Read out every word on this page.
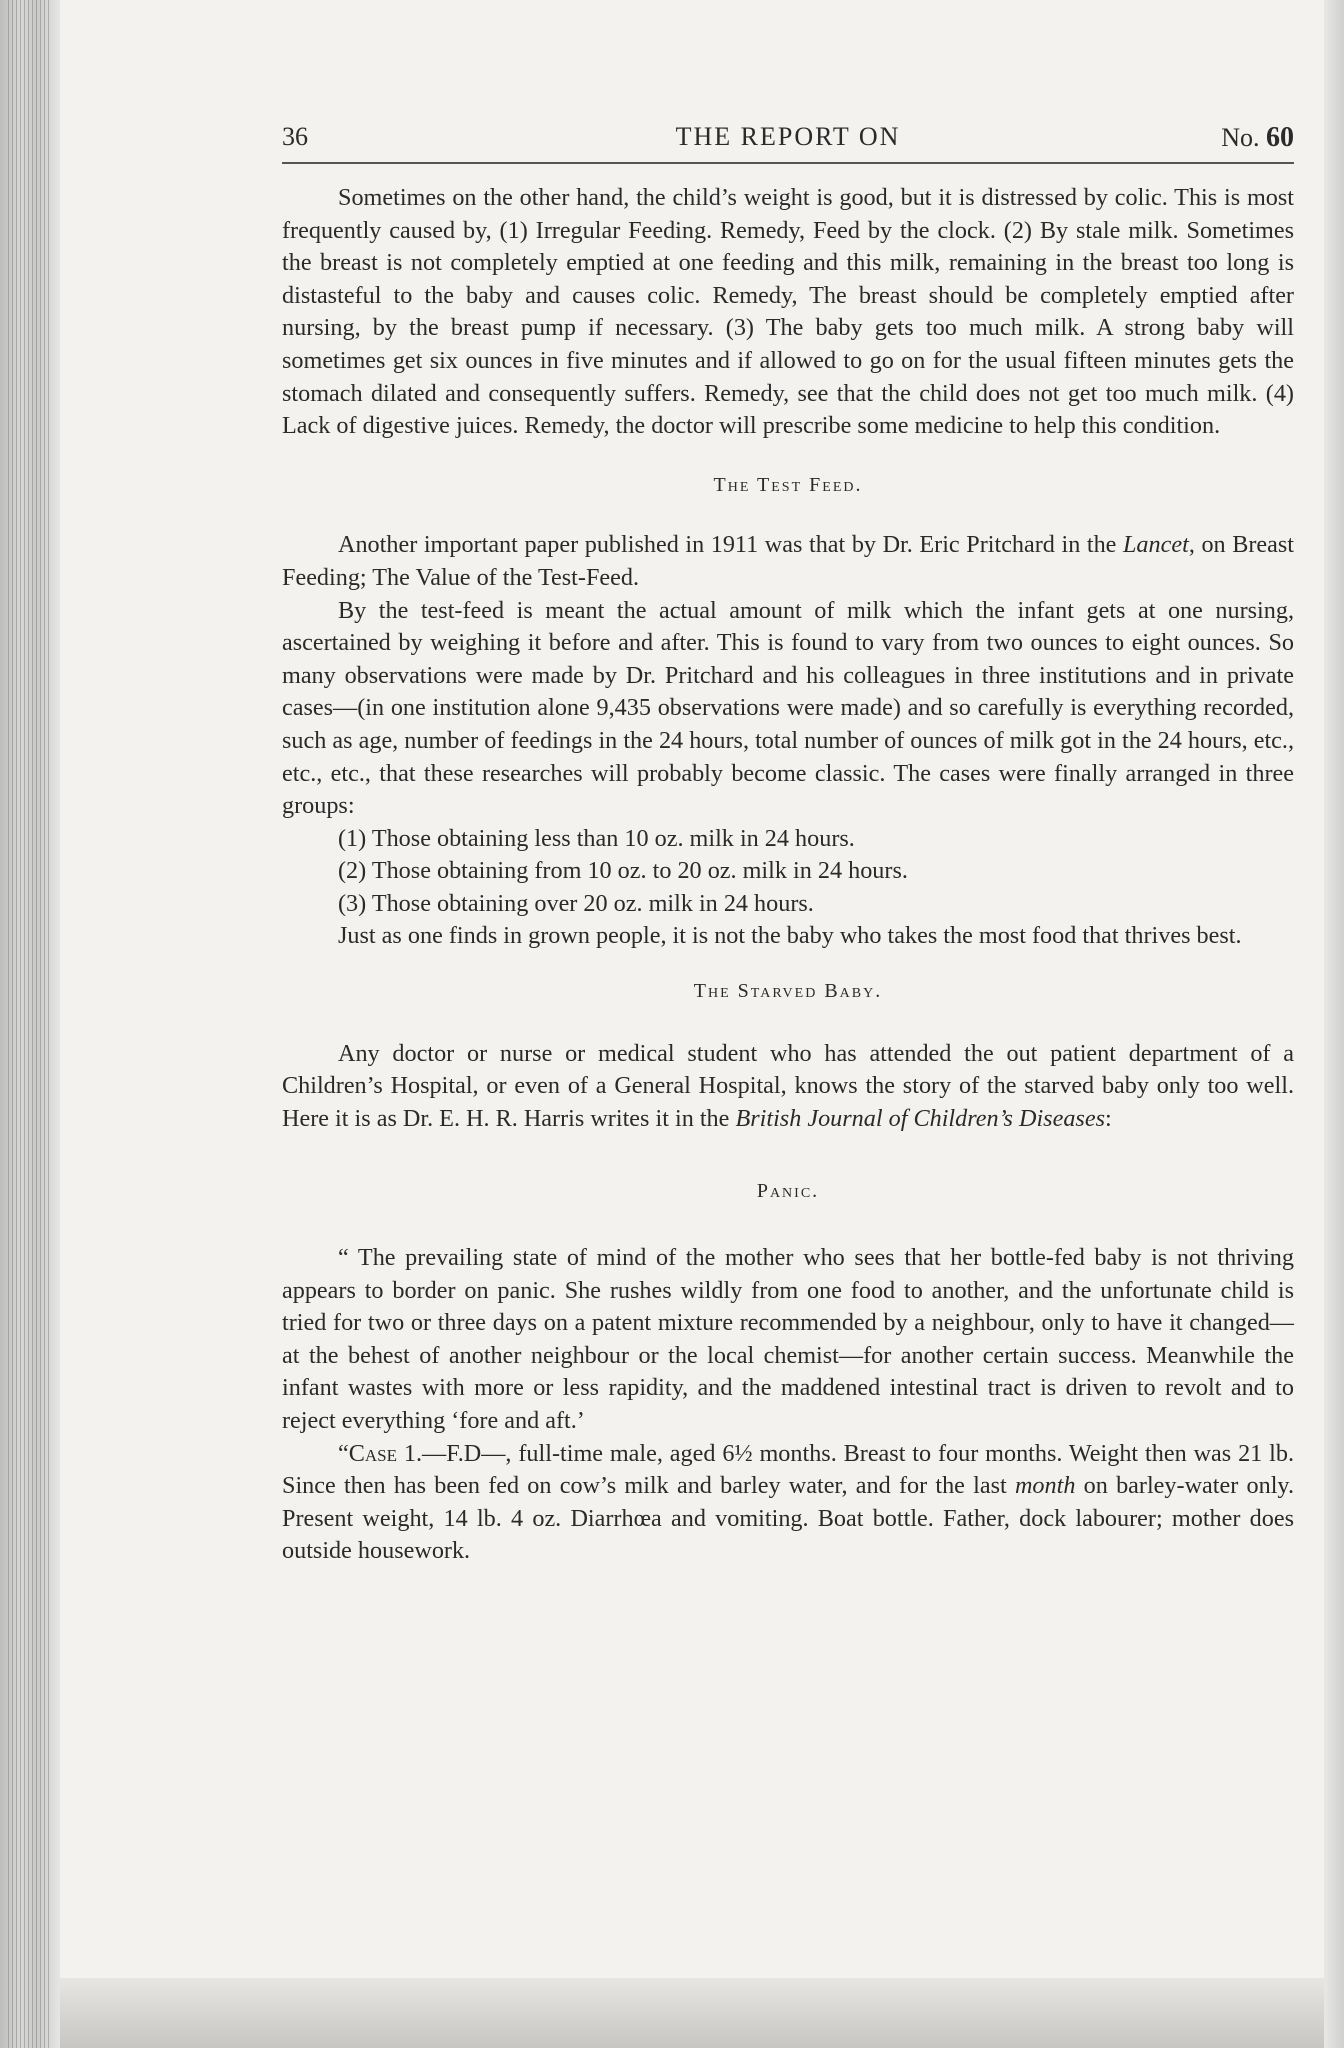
36	THE REPORT ON	No. 60

Sometimes on the other hand, the child’s weight is good, but it is distressed by colic. This is most frequently caused by, (1) Irregular Feeding. Remedy, Feed by the clock. (2) By stale milk. Sometimes the breast is not completely emptied at one feeding and this milk, remaining in the breast too long is distasteful to the baby and causes colic. Remedy, The breast should be completely emptied after nursing, by the breast pump if necessary. (3) The baby gets too much milk. A strong baby will sometimes get six ounces in five minutes and if allowed to go on for the usual fifteen minutes gets the stomach dilated and consequently suffers. Remedy, see that the child does not get too much milk. (4) Lack of digestive juices. Remedy, the doctor will prescribe some medicine to help this condition.

The Test Feed.

Another important paper published in 1911 was that by Dr. Eric Pritchard in the Lancet, on Breast Feeding; The Value of the Test-Feed.

By the test-feed is meant the actual amount of milk which the infant gets at one nursing, ascertained by weighing it before and after. This is found to vary from two ounces to eight ounces. So many observations were made by Dr. Pritchard and his colleagues in three institutions and in private cases—(in one institution alone 9,435 observations were made) and so carefully is everything recorded, such as age, number of feedings in the 24 hours, total number of ounces of milk got in the 24 hours, etc., etc., etc., that these researches will probably become classic. The cases were finally arranged in three groups:

(1) Those obtaining less than 10 oz. milk in 24 hours.

(2) Those obtaining from 10 oz. to 20 oz. milk in 24 hours.

(3) Those obtaining over 20 oz. milk in 24 hours.

Just as one finds in grown people, it is not the baby who takes the most food that thrives best.

The Starved Baby.

Any doctor or nurse or medical student who has attended the out patient department of a Children’s Hospital, or even of a General Hospital, knows the story of the starved baby only too well. Here it is as Dr. E. H. R. Harris writes it in the British Journal of Children’s Diseases:

Panic.

“ The prevailing state of mind of the mother who sees that her bottle-fed baby is not thriving appears to border on panic. She rushes wildly from one food to another, and the unfortunate child is tried for two or three days on a patent mixture recommended by a neighbour, only to have it changed—at the behest of another neighbour or the local chemist—for another certain success. Meanwhile the infant wastes with more or less rapidity, and the maddened intestinal tract is driven to revolt and to reject everything ‘fore and aft.’

“Case 1.—F.D—, full-time male, aged 6½ months. Breast to four months. Weight then was 21 lb. Since then has been fed on cow’s milk and barley water, and for the last month on barley-water only. Present weight, 14 lb. 4 oz. Diarrhœa and vomiting. Boat bottle. Father, dock labourer; mother does outside housework.
